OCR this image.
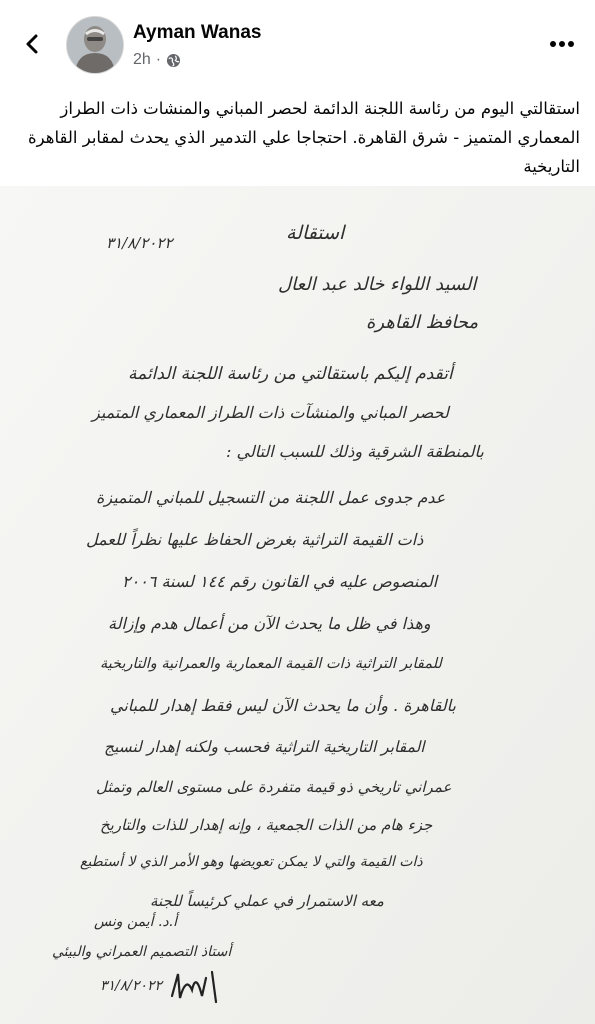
Ayman Wanas
2h ·
استقالتي اليوم من رئاسة اللجنة الدائمة لحصر المباني والمنشات ذات الطراز المعماري المتميز - شرق القاهرة. احتجاجا علي التدمير الذي يحدث لمقابر القاهرة التاريخية
٣١/٨/٢٠٢٢	استقالة
السيد اللواء خالد عبد العال
محافظ القاهرة
أتقدم إليكم باستقالتي من رئاسة اللجنة الدائمة
لحصر المباني والمنشآت ذات الطراز المعماري المتميز
بالمنطقة الشرقية وذلك للسبب التالي :
عدم جدوى عمل اللجنة من التسجيل للمباني المتميزة
ذات القيمة التراثية بغرض الحفاظ عليها نظراً للعمل
المنصوص عليه في القانون رقم ١٤٤ لسنة ٢٠٠٦
وهذا في ظل ما يحدث الآن من أعمال هدم وإزالة
للمقابر التراثية ذات القيمة المعمارية والعمرانية والتاريخية
بالقاهرة . وأن ما يحدث الآن ليس فقط إهدار للمباني
المقابر التاريخية التراثية فحسب ولكنه إهدار لنسيج
عمراني تاريخي ذو قيمة متفردة على مستوى العالم وتمثل
جزء هام من الذات الجمعية ، وإنه إهدار للذات والتاريخ
ذات القيمة والتي لا يمكن تعويضها وهو الأمر الذي لا أستطيع
معه الاستمرار في عملي كرئيساً للجنة
أ.د. أيمن ونس
أستاذ التصميم العمراني والبيئي
٣١/٨/٢٠٢٢
